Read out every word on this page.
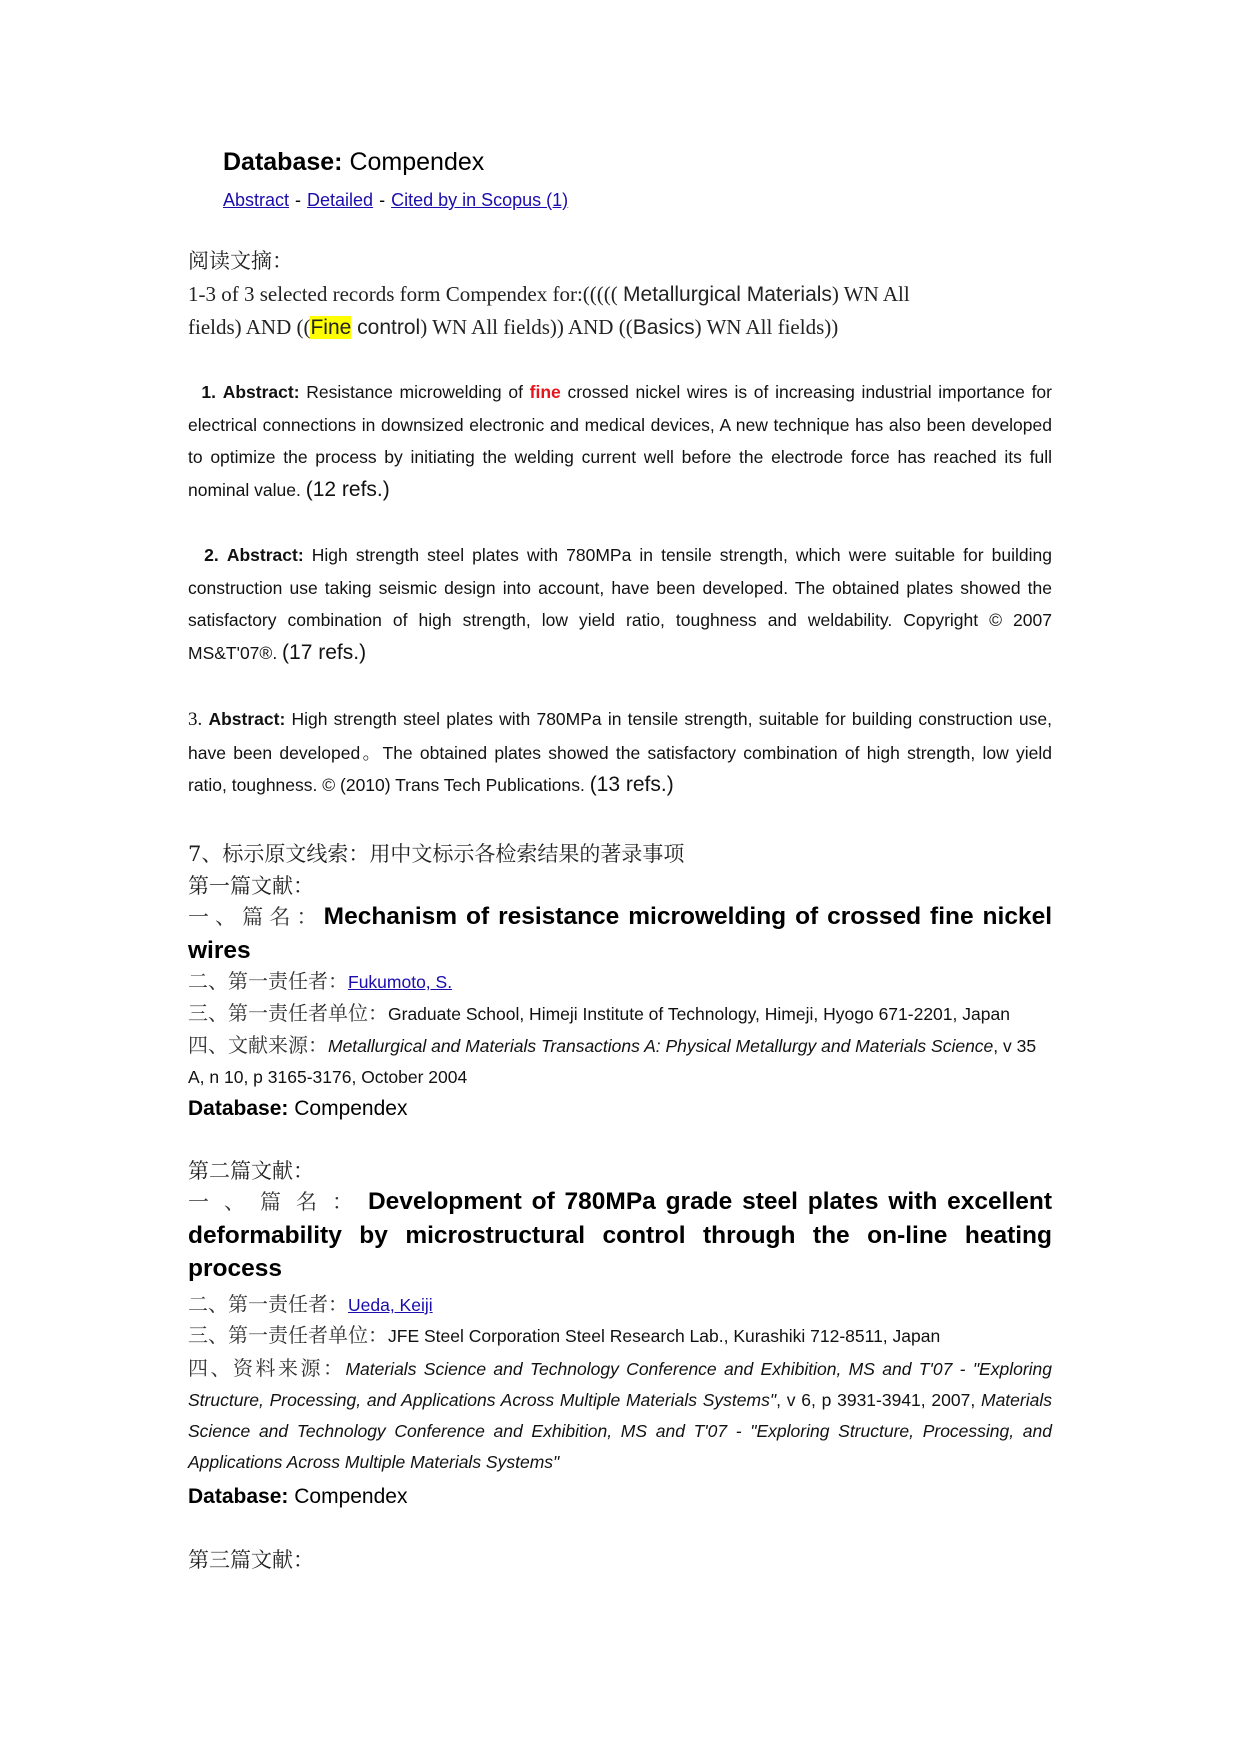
Database: Compendex
Abstract - Detailed - Cited by in Scopus (1)
阅读文摘：
1-3 of 3 selected records form Compendex for:((((( Metallurgical Materials) WN All fields) AND ((Fine control) WN All fields)) AND ((Basics) WN All fields))
1. Abstract: Resistance microwelding of fine crossed nickel wires is of increasing industrial importance for electrical connections in downsized electronic and medical devices, A new technique has also been developed to optimize the process by initiating the welding current well before the electrode force has reached its full nominal value. (12 refs.)
2. Abstract: High strength steel plates with 780MPa in tensile strength, which were suitable for building construction use taking seismic design into account, have been developed. The obtained plates showed the satisfactory combination of high strength, low yield ratio, toughness and weldability. Copyright © 2007 MS&T'07®. (17 refs.)
3. Abstract: High strength steel plates with 780MPa in tensile strength, suitable for building construction use, have been developed。The obtained plates showed the satisfactory combination of high strength, low yield ratio, toughness. © (2010) Trans Tech Publications. (13 refs.)
7、标示原文线索：用中文标示各检索结果的著录事项
第一篇文献：
一、篇名：Mechanism of resistance microwelding of crossed fine nickel wires
二、第一责任者：Fukumoto, S.
三、第一责任者单位：Graduate School, Himeji Institute of Technology, Himeji, Hyogo 671-2201, Japan
四、文献来源：Metallurgical and Materials Transactions A: Physical Metallurgy and Materials Science, v 35 A, n 10, p 3165-3176, October 2004
Database: Compendex
第二篇文献：
一、篇名：Development of 780MPa grade steel plates with excellent deformability by microstructural control through the on-line heating process
二、第一责任者：Ueda, Keiji
三、第一责任者单位：JFE Steel Corporation Steel Research Lab., Kurashiki 712-8511, Japan
四、资料来源：Materials Science and Technology Conference and Exhibition, MS and T'07 - "Exploring Structure, Processing, and Applications Across Multiple Materials Systems", v 6, p 3931-3941, 2007, Materials Science and Technology Conference and Exhibition, MS and T'07 - "Exploring Structure, Processing, and Applications Across Multiple Materials Systems"
Database: Compendex
第三篇文献：
